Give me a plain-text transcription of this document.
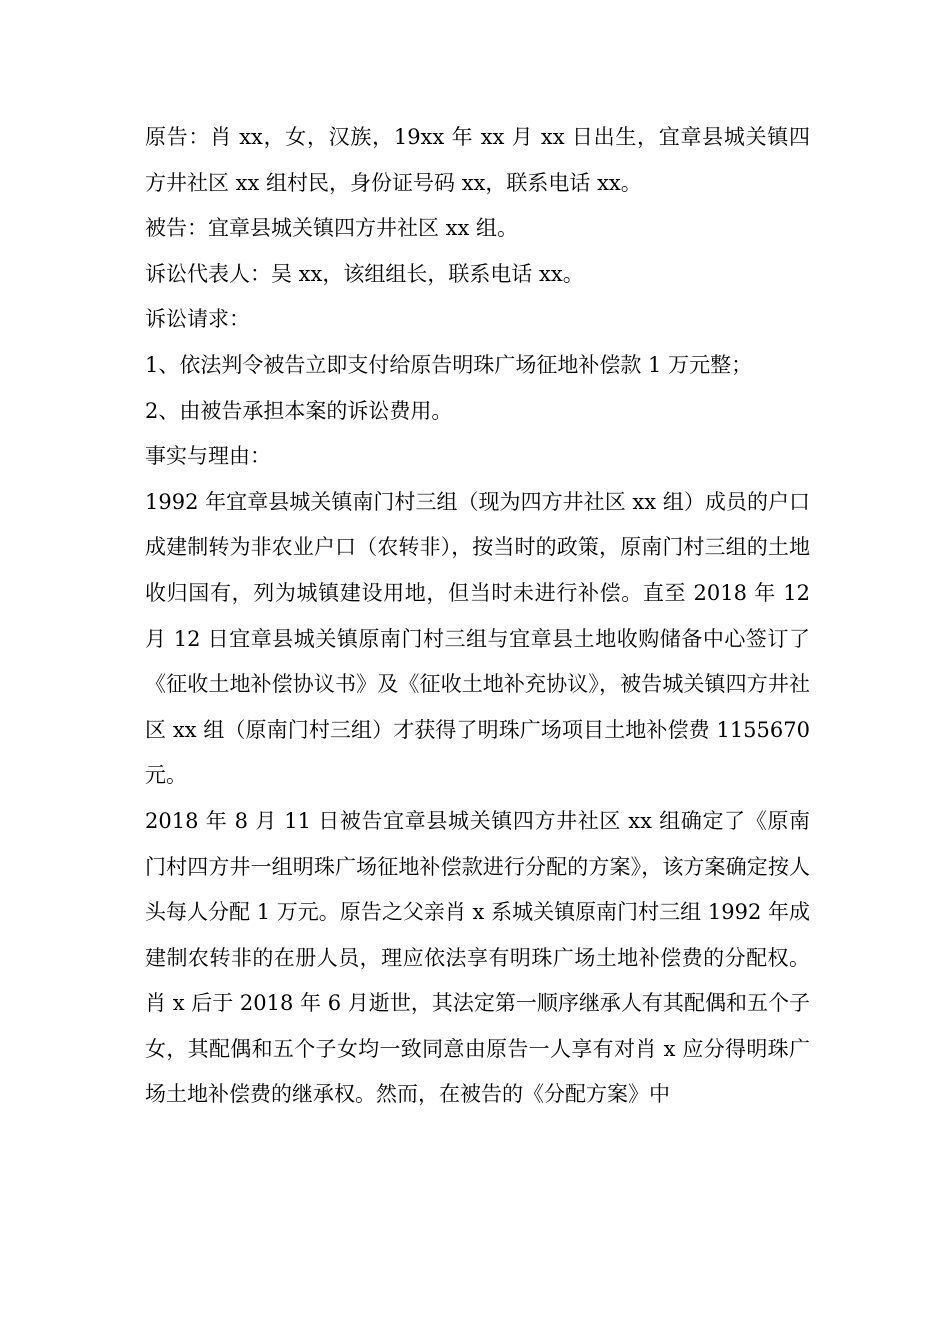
原告：肖 xx，女，汉族，19xx 年 xx 月 xx 日出生，宜章县城关镇四方井社区 xx 组村民，身份证号码 xx，联系电话 xx。

被告：宜章县城关镇四方井社区 xx 组。

诉讼代表人：吴 xx，该组组长，联系电话 xx。

诉讼请求：

1、依法判令被告立即支付给原告明珠广场征地补偿款 1 万元整；

2、由被告承担本案的诉讼费用。

事实与理由：

1992 年宜章县城关镇南门村三组（现为四方井社区 xx 组）成员的户口成建制转为非农业户口（农转非），按当时的政策，原南门村三组的土地收归国有，列为城镇建设用地，但当时未进行补偿。直至 2018 年 12 月 12 日宜章县城关镇原南门村三组与宜章县土地收购储备中心签订了《征收土地补偿协议书》及《征收土地补充协议》，被告城关镇四方井社区 xx 组（原南门村三组）才获得了明珠广场项目土地补偿费 1155670 元。

2018 年 8 月 11 日被告宜章县城关镇四方井社区 xx 组确定了《原南门村四方井一组明珠广场征地补偿款进行分配的方案》，该方案确定按人头每人分配 1 万元。原告之父亲肖 x 系城关镇原南门村三组 1992 年成建制农转非的在册人员，理应依法享有明珠广场土地补偿费的分配权。肖 x 后于 2018 年 6 月逝世，其法定第一顺序继承人有其配偶和五个子女，其配偶和五个子女均一致同意由原告一人享有对肖 x 应分得明珠广场土地补偿费的继承权。然而，在被告的《分配方案》中
